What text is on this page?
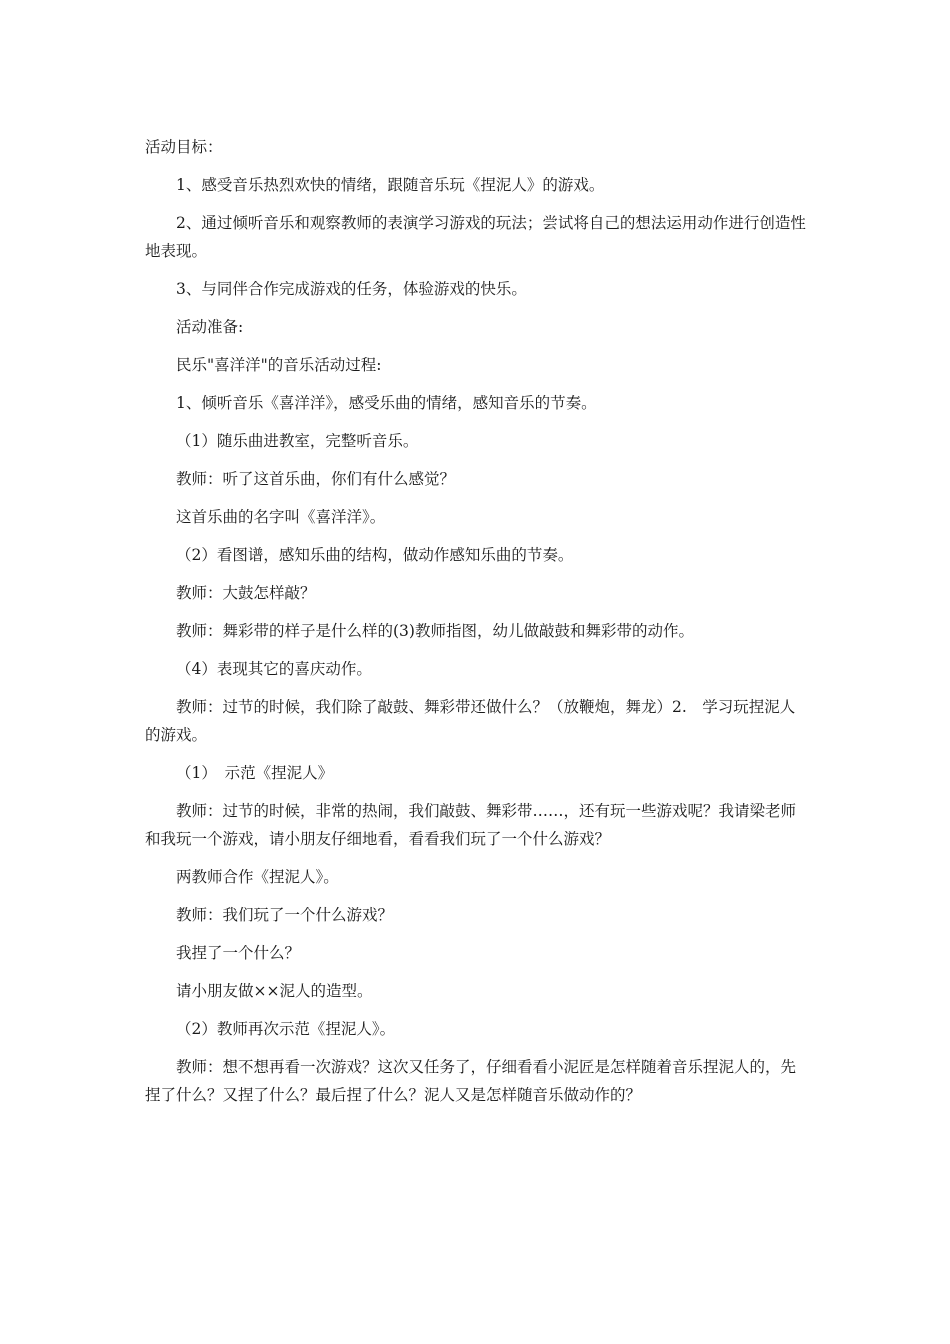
活动目标：

1、感受音乐热烈欢快的情绪，跟随音乐玩《捏泥人》的游戏。

2、通过倾听音乐和观察教师的表演学习游戏的玩法；尝试将自己的想法运用动作进行创造性地表现。

3、与同伴合作完成游戏的任务，体验游戏的快乐。

活动准备:

民乐"喜洋洋"的音乐活动过程:

1、倾听音乐《喜洋洋》，感受乐曲的情绪，感知音乐的节奏。

（1）随乐曲进教室，完整听音乐。

教师：听了这首乐曲，你们有什么感觉？

这首乐曲的名字叫《喜洋洋》。

（2）看图谱，感知乐曲的结构，做动作感知乐曲的节奏。

教师：大鼓怎样敲？

教师：舞彩带的样子是什么样的(3)教师指图，幼儿做敲鼓和舞彩带的动作。

（4）表现其它的喜庆动作。

教师：过节的时候，我们除了敲鼓、舞彩带还做什么？（放鞭炮，舞龙）2.　学习玩捏泥人的游戏。

（1）　示范《捏泥人》

教师：过节的时候，非常的热闹，我们敲鼓、舞彩带……，还有玩一些游戏呢？我请梁老师和我玩一个游戏，请小朋友仔细地看，看看我们玩了一个什么游戏？

两教师合作《捏泥人》。

教师：我们玩了一个什么游戏？

我捏了一个什么？

请小朋友做××泥人的造型。

（2）教师再次示范《捏泥人》。

教师：想不想再看一次游戏？这次又任务了，仔细看看小泥匠是怎样随着音乐捏泥人的，先捏了什么？又捏了什么？最后捏了什么？泥人又是怎样随音乐做动作的？
